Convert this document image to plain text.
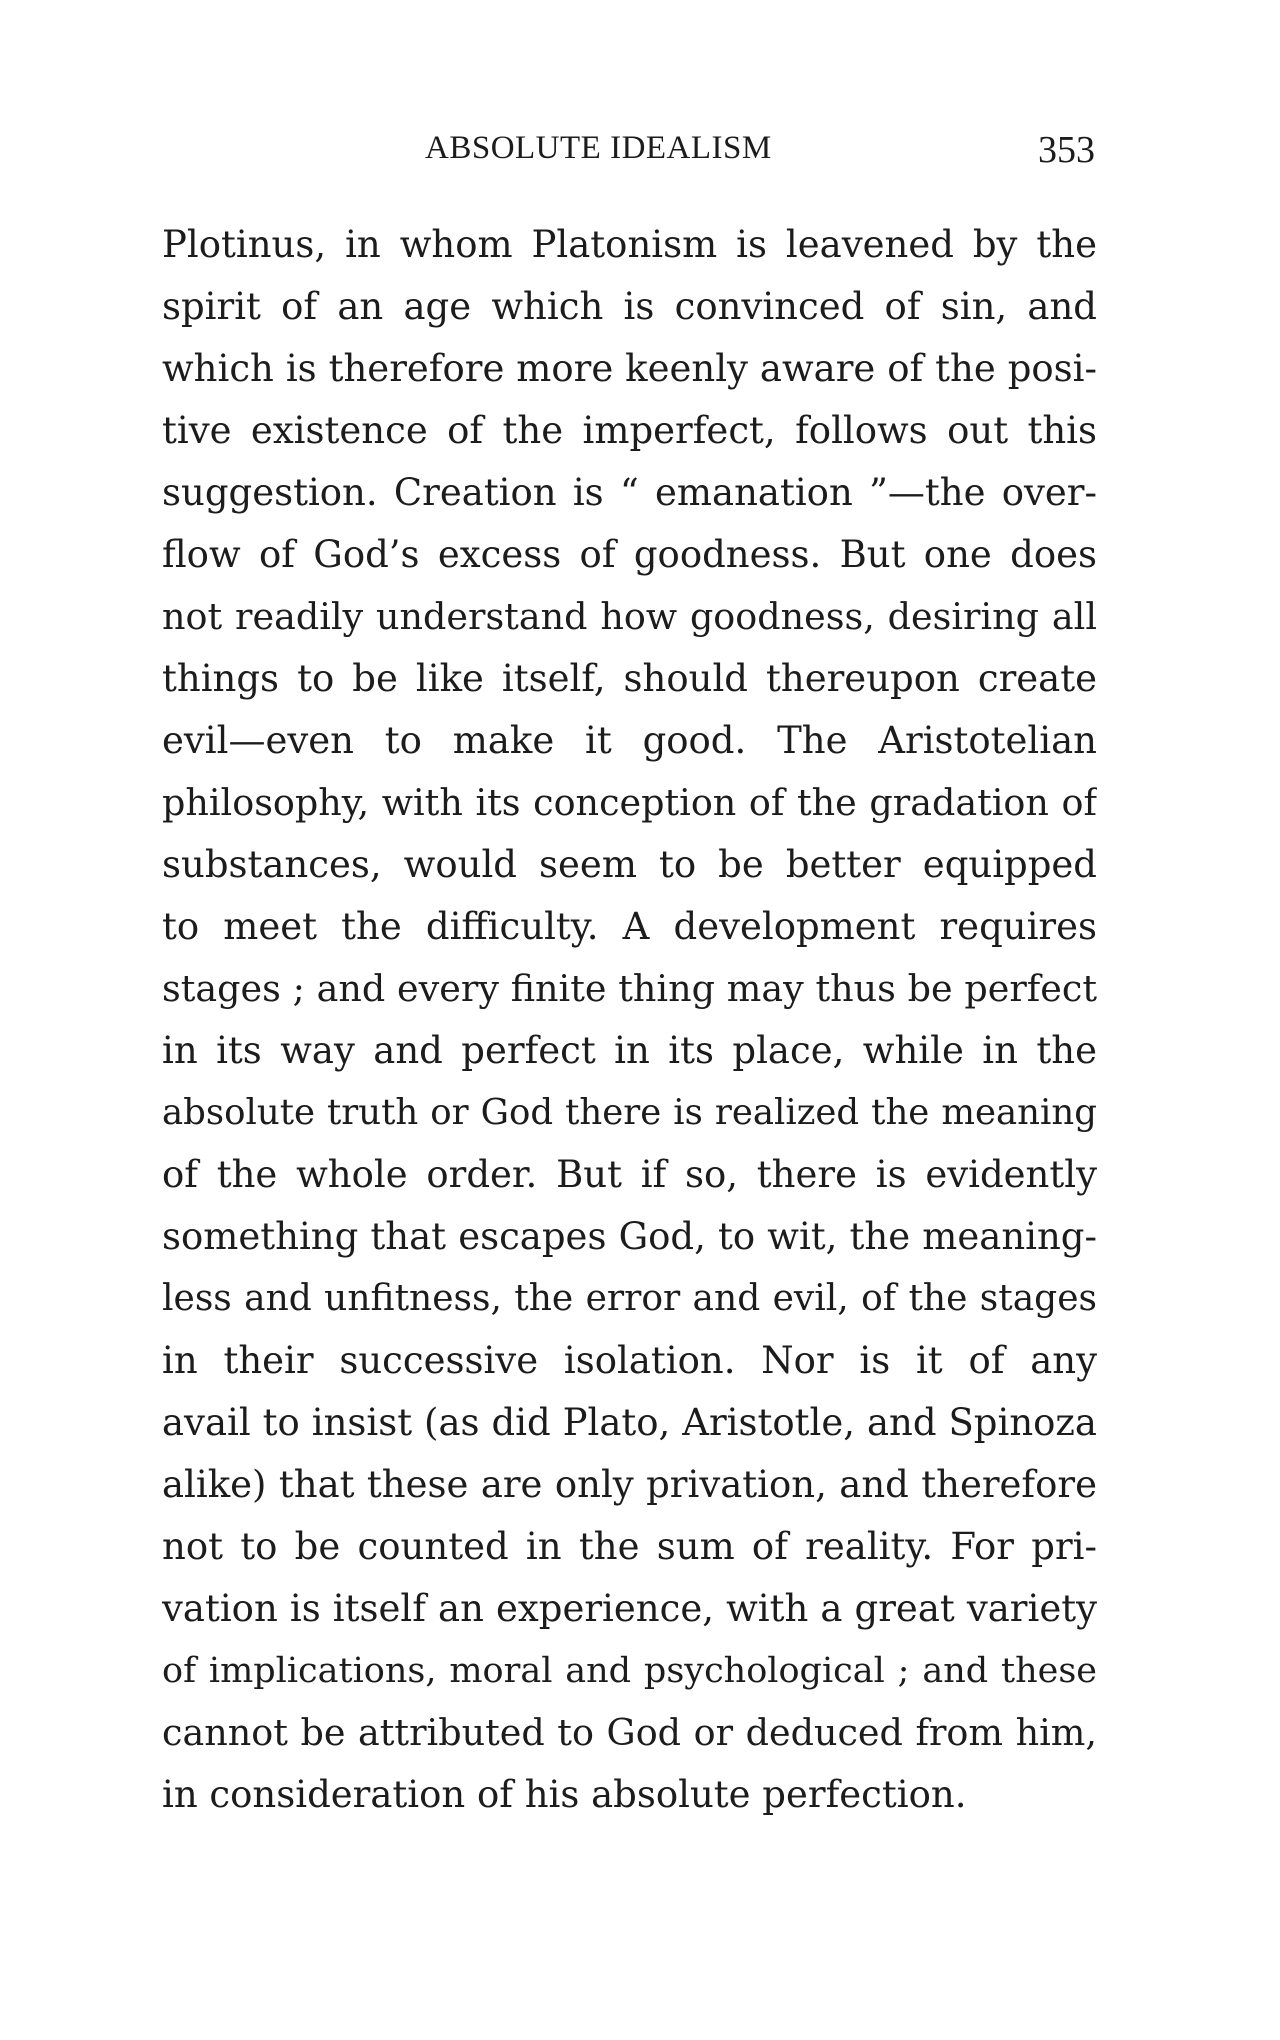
ABSOLUTE IDEALISM	353
Plotinus, in whom Platonism is leavened by the
spirit of an age which is convinced of sin, and
which is therefore more keenly aware of the posi-
tive existence of the imperfect, follows out this
suggestion. Creation is “ emanation ”—the over-
flow of God’s excess of goodness. But one does
not readily understand how goodness, desiring all
things to be like itself, should thereupon create
evil—even to make it good. The Aristotelian
philosophy, with its conception of the gradation of
substances, would seem to be better equipped
to meet the difficulty. A development requires
stages ; and every finite thing may thus be perfect
in its way and perfect in its place, while in the
absolute truth or God there is realized the meaning
of the whole order. But if so, there is evidently
something that escapes God, to wit, the meaning-
less and unfitness, the error and evil, of the stages
in their successive isolation. Nor is it of any
avail to insist (as did Plato, Aristotle, and Spinoza
alike) that these are only privation, and therefore
not to be counted in the sum of reality. For pri-
vation is itself an experience, with a great variety
of implications, moral and psychological ; and these
cannot be attributed to God or deduced from him,
in consideration of his absolute perfection.
